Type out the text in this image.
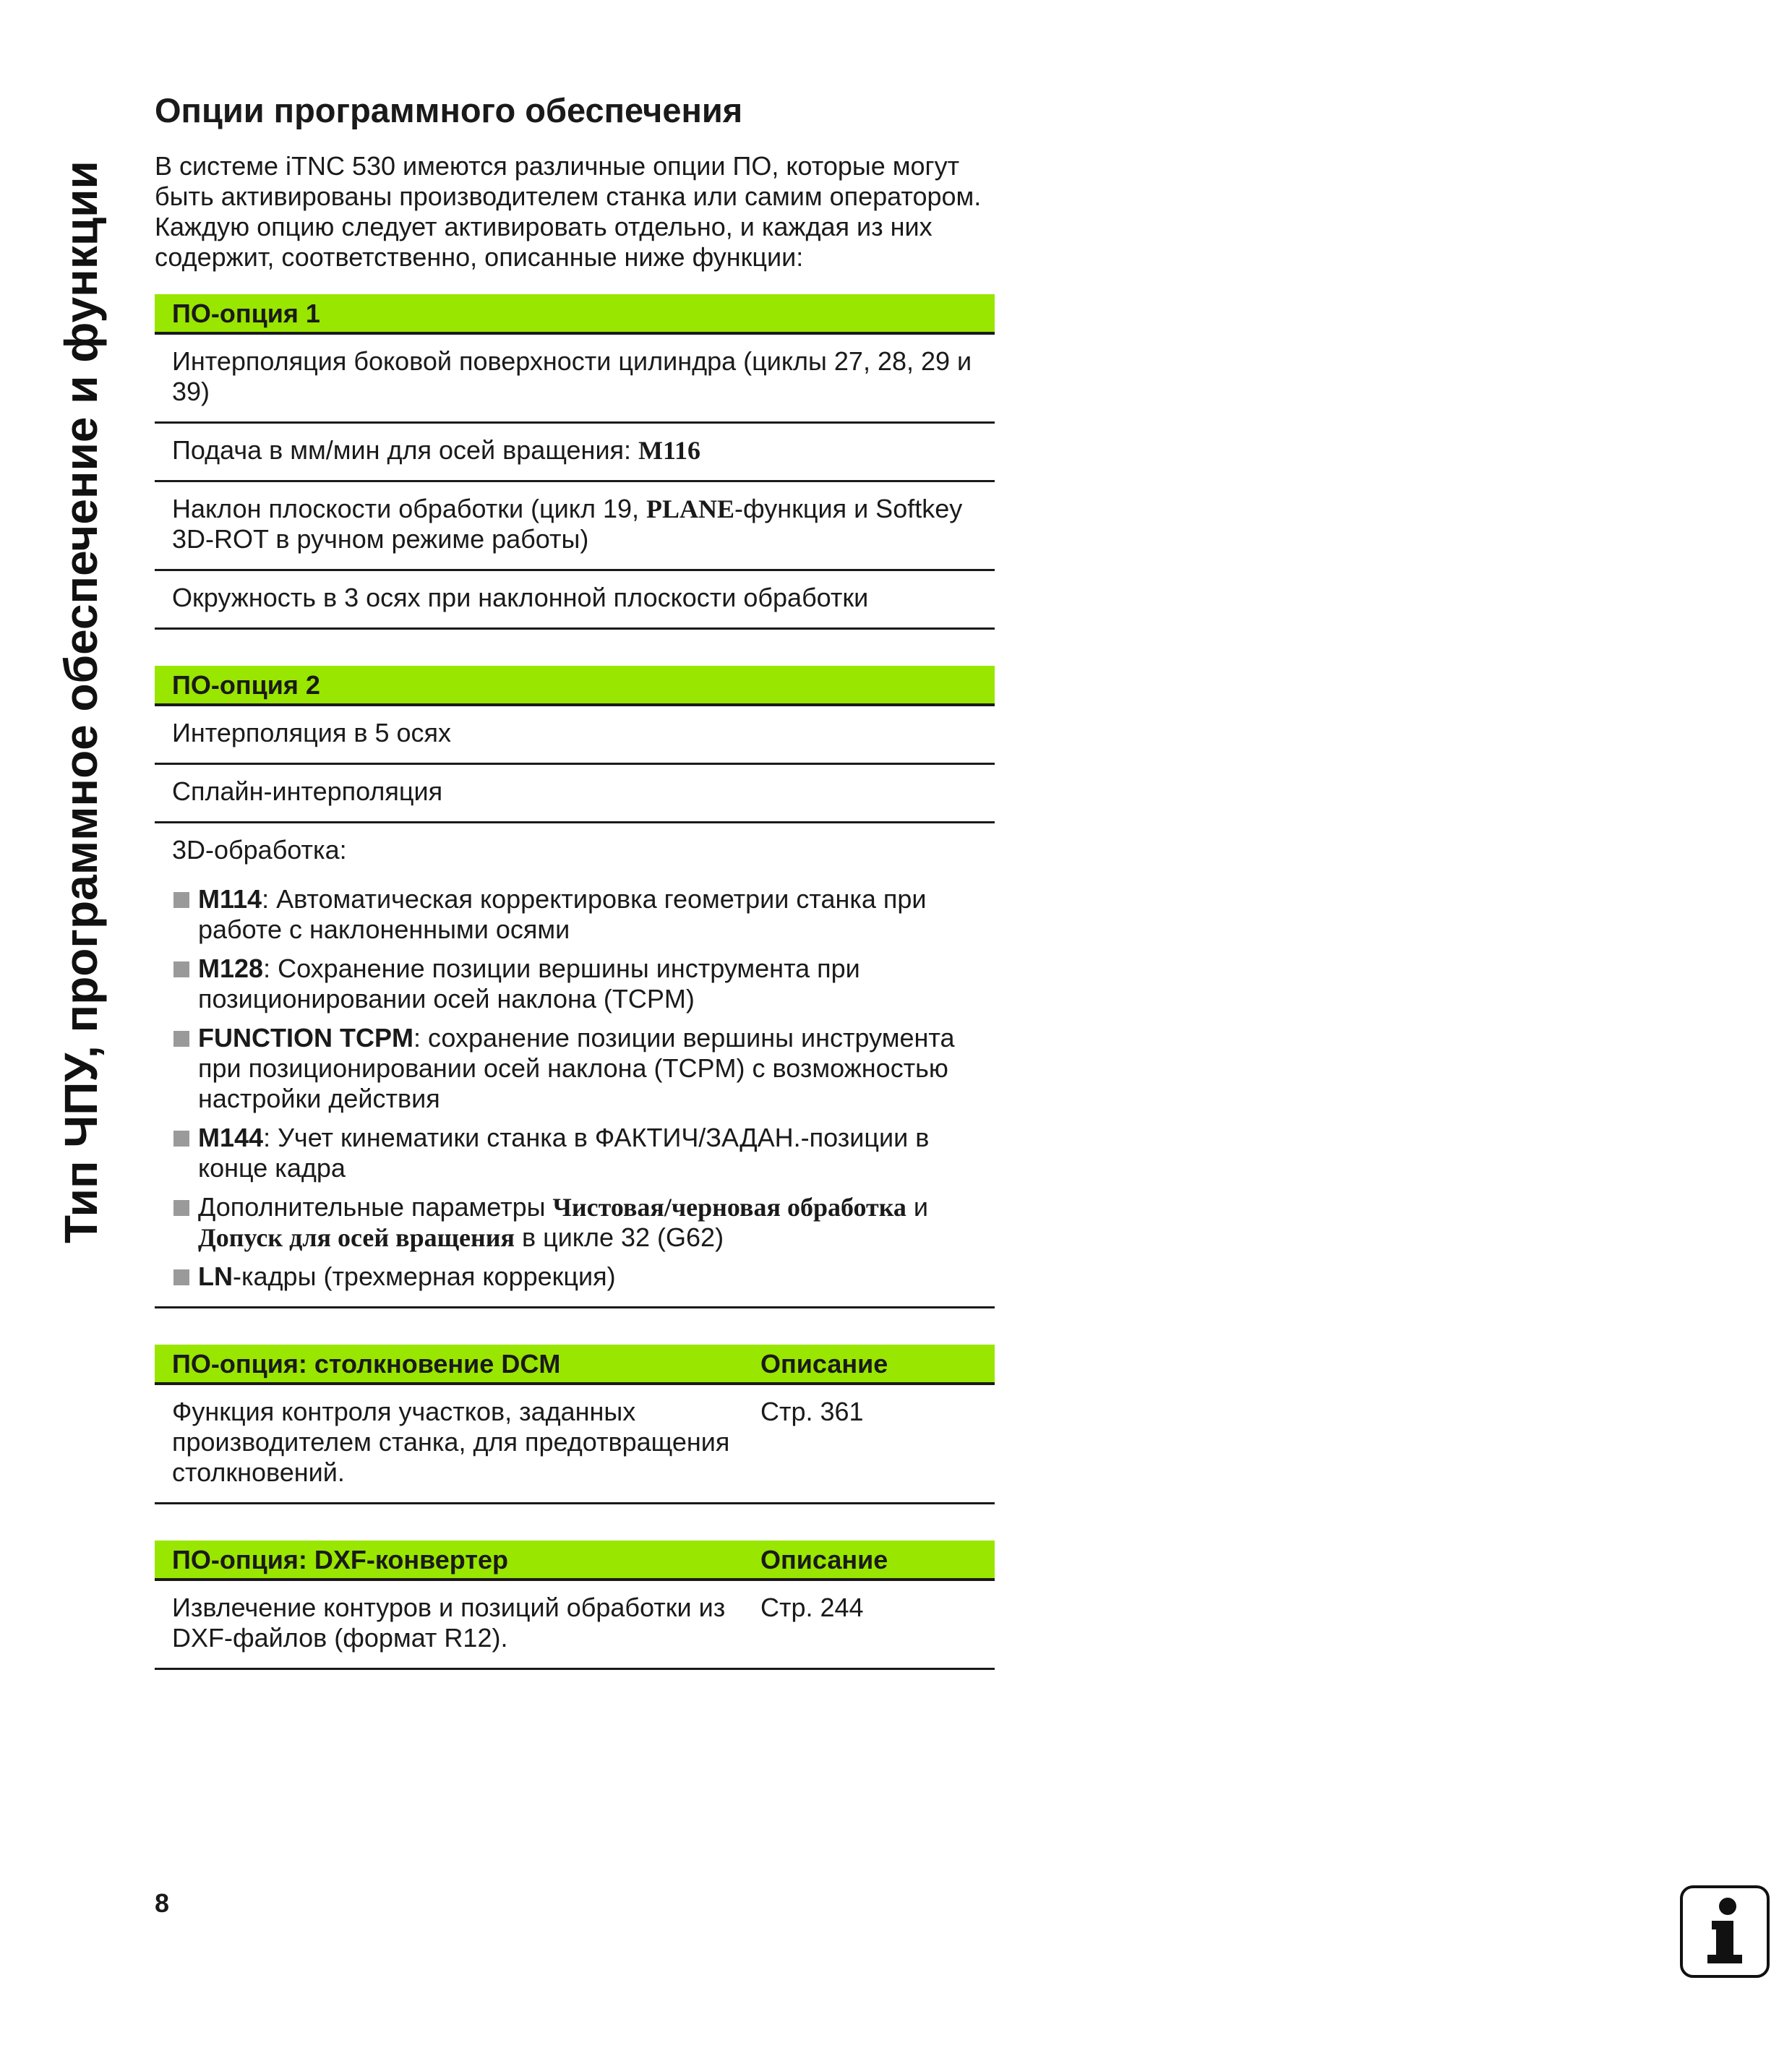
Тип ЧПУ, программное обеспечение и функции
Опции программного обеспечения

В системе iTNC 530 имеются различные опции ПО, которые могут быть активированы производителем станка или самим оператором. Каждую опцию следует активировать отдельно, и каждая из них содержит, соответственно, описанные ниже функции:

ПО-опция 1
Интерполяция боковой поверхности цилиндра (циклы 27, 28, 29 и 39)
Подача в мм/мин для осей вращения: M116
Наклон плоскости обработки (цикл 19, PLANE-функция и Softkey 3D-ROT в ручном режиме работы)
Окружность в 3 осях при наклонной плоскости обработки
ПО-опция 2
Интерполяция в 5 осях
Сплайн-интерполяция

3D-обработка:
M114: Автоматическая корректировка геометрии станка при работе с наклоненными осями
M128: Сохранение позиции вершины инструмента при позиционировании осей наклона (TCPM)
FUNCTION TCPM: сохранение позиции вершины инструмента при позиционировании осей наклона (TCPM) с возможностью настройки действия
M144: Учет кинематики станка в ФАКТИЧ/ЗАДАН.-позиции в конце кадра
Дополнительные параметры Чистовая/черновая обработка и Допуск для осей вращения в цикле 32 (G62)
LN-кадры (трехмерная коррекция)
ПО-опция: столкновение DCM	Описание
Функция контроля участков, заданных производителем станка, для предотвращения столкновений.	Стр. 361
ПО-опция: DXF-конвертер	Описание
Извлечение контуров и позиций обработки из DXF-файлов (формат R12).	Стр. 244
8
